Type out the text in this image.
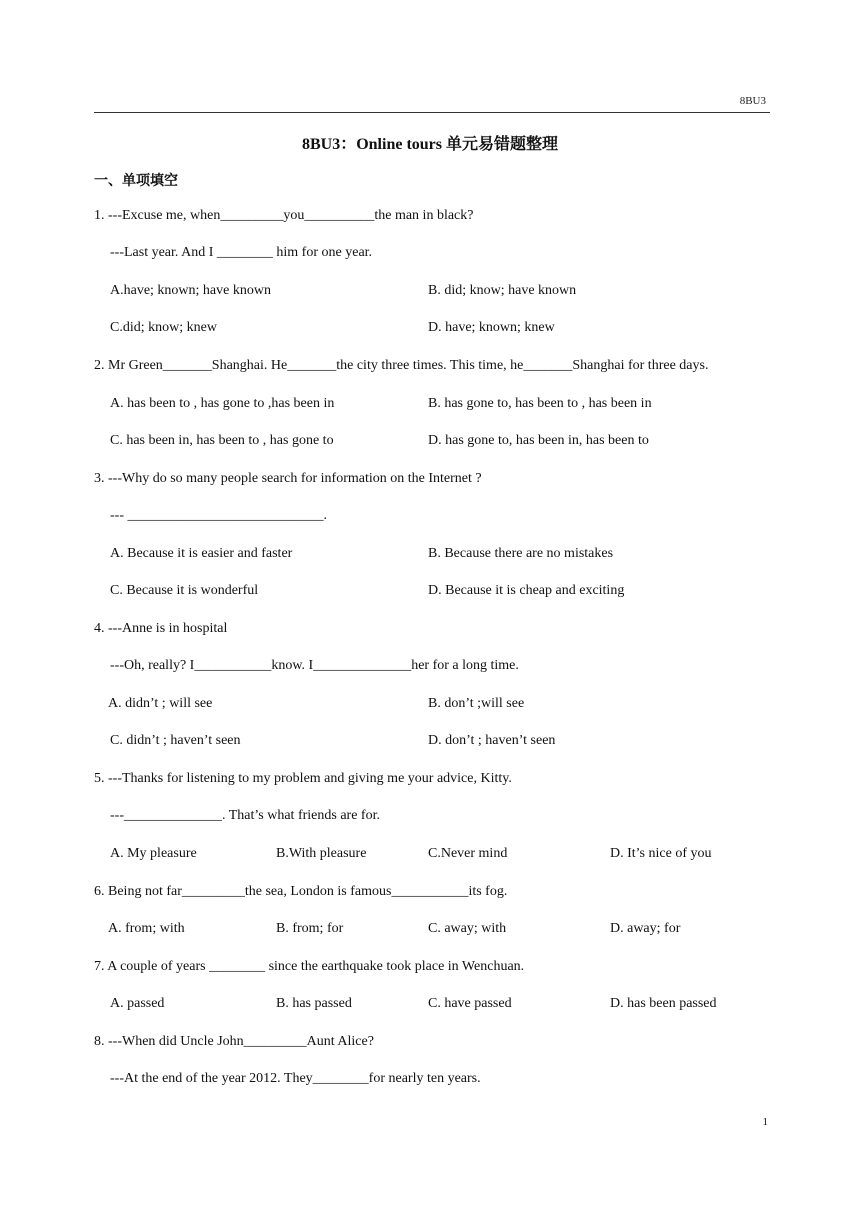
8BU3
8BU3：Online tours 单元易错题整理
一、单项填空
1. ---Excuse me, when_________you__________the man in black?
---Last year. And I ________ him for one year.
A.have; known; have known	B. did; know; have known
C.did; know; knew	D. have; known; knew
2. Mr Green_______Shanghai. He_______the city three times. This time, he_______Shanghai for three days.
A. has been to , has gone to ,has been in	B. has gone to, has been to , has been in
C. has been in, has been to , has gone to	D. has gone to, has been in, has been to
3. ---Why do so many people search for information on the Internet ?
--- ____________________________.
A. Because it is easier and faster	B. Because there are no mistakes
C. Because it is wonderful	D. Because it is cheap and exciting
4. ---Anne is in hospital
---Oh, really? I___________know. I______________her for a long time.
A. didn’t ; will see	B. don’t ;will see
C. didn’t ; haven’t seen	D. don’t ; haven’t seen
5. ---Thanks for listening to my problem and giving me your advice, Kitty.
---______________. That’s what friends are for.
A. My pleasure	B.With pleasure	C.Never mind	D. It’s nice of you
6. Being not far_________the sea, London is famous___________its fog.
A. from; with	B. from; for	C. away; with	D. away; for
7. A couple of years ________ since the earthquake took place in Wenchuan.
A. passed	B. has passed	C. have passed	D. has been passed
8. ---When did Uncle John_________Aunt Alice?
---At the end of the year 2012. They________for nearly ten years.
1
